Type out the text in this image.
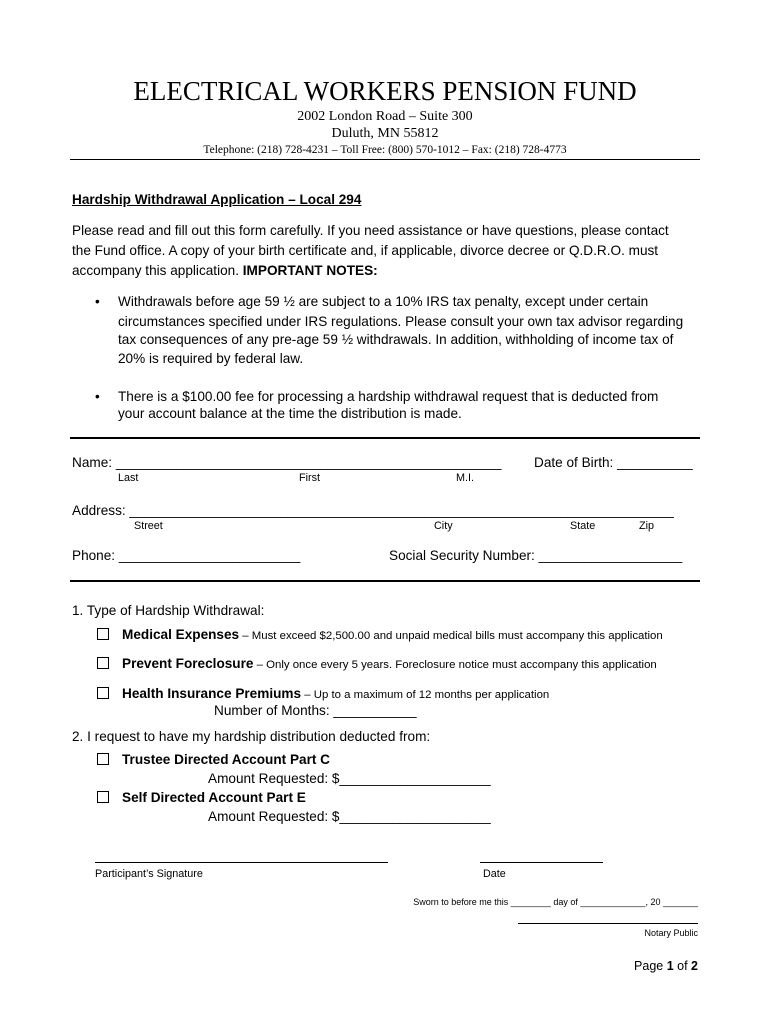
ELECTRICAL WORKERS PENSION FUND
2002 London Road – Suite 300
Duluth, MN 55812
Telephone: (218) 728-4231 – Toll Free: (800) 570-1012 – Fax: (218) 728-4773
Hardship Withdrawal Application – Local 294
Please read and fill out this form carefully. If you need assistance or have questions, please contact
the Fund office. A copy of your birth certificate and, if applicable, divorce decree or Q.D.R.O. must
accompany this application. IMPORTANT NOTES:
• Withdrawals before age 59 ½ are subject to a 10% IRS tax penalty, except under certain
circumstances specified under IRS regulations. Please consult your own tax advisor regarding
tax consequences of any pre-age 59 ½ withdrawals. In addition, withholding of income tax of
20% is required by federal law.
• There is a $100.00 fee for processing a hardship withdrawal request that is deducted from
your account balance at the time the distribution is made.
Name: ___________________________________________________ Date of Birth: __________
Last	First	M.I.
Address: ________________________________________________________________________
Street	City	State	Zip
Phone: ________________________	Social Security Number: ___________________
1. Type of Hardship Withdrawal:
Medical Expenses – Must exceed $2,500.00 and unpaid medical bills must accompany this application
Prevent Foreclosure – Only once every 5 years. Foreclosure notice must accompany this application
Health Insurance Premiums – Up to a maximum of 12 months per application
Number of Months: ___________
2. I request to have my hardship distribution deducted from:
Trustee Directed Account Part C
Amount Requested: $____________________
Self Directed Account Part E
Amount Requested: $____________________
Participant’s Signature	Date
Sworn to before me this ________ day of _____________, 20 _______
Notary Public
Page 1 of 2
